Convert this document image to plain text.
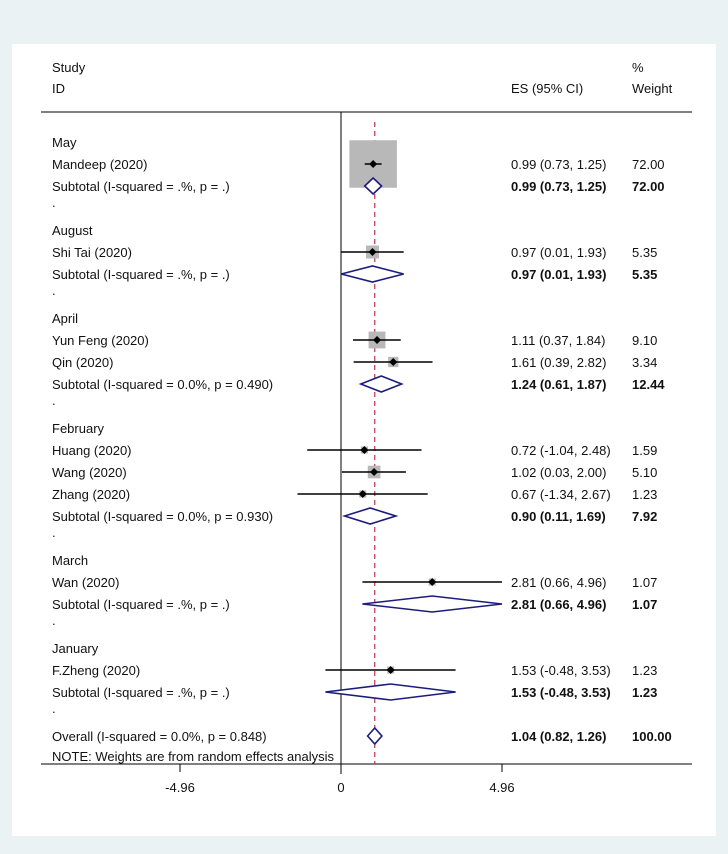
Study
ID	ES (95% CI)
%
Weight
May
Mandeep (2020)	0.99 (0.73, 1.25) 72.00
Subtotal (I-squared = .%, p = .)	0.99 (0.73, 1.25) 72.00
.
August
Shi Tai (2020)	0.97 (0.01, 1.93) 5.35
Subtotal (I-squared = .%, p = .)	0.97 (0.01, 1.93) 5.35
.
April
Yun Feng (2020)	1.11 (0.37, 1.84) 9.10
Qin (2020)	1.61 (0.39, 2.82) 3.34
Subtotal (I-squared = 0.0%, p = 0.490)	1.24 (0.61, 1.87) 12.44
.
February
Huang (2020)	0.72 (-1.04, 2.48) 1.59
Wang (2020)	1.02 (0.03, 2.00) 5.10
Zhang (2020)	0.67 (-1.34, 2.67) 1.23
Subtotal (I-squared = 0.0%, p = 0.930)	0.90 (0.11, 1.69) 7.92
.
March
Wan (2020)	2.81 (0.66, 4.96) 1.07
Subtotal (I-squared = .%, p = .)	2.81 (0.66, 4.96) 1.07
.
January
F.Zheng (2020)	1.53 (-0.48, 3.53) 1.23
Subtotal (I-squared = .%, p = .)	1.53 (-0.48, 3.53) 1.23
.
Overall (I-squared = 0.0%, p = 0.848)	1.04 (0.82, 1.26) 100.00
NOTE: Weights are from random effects analysis
-4.96	0	4.96
